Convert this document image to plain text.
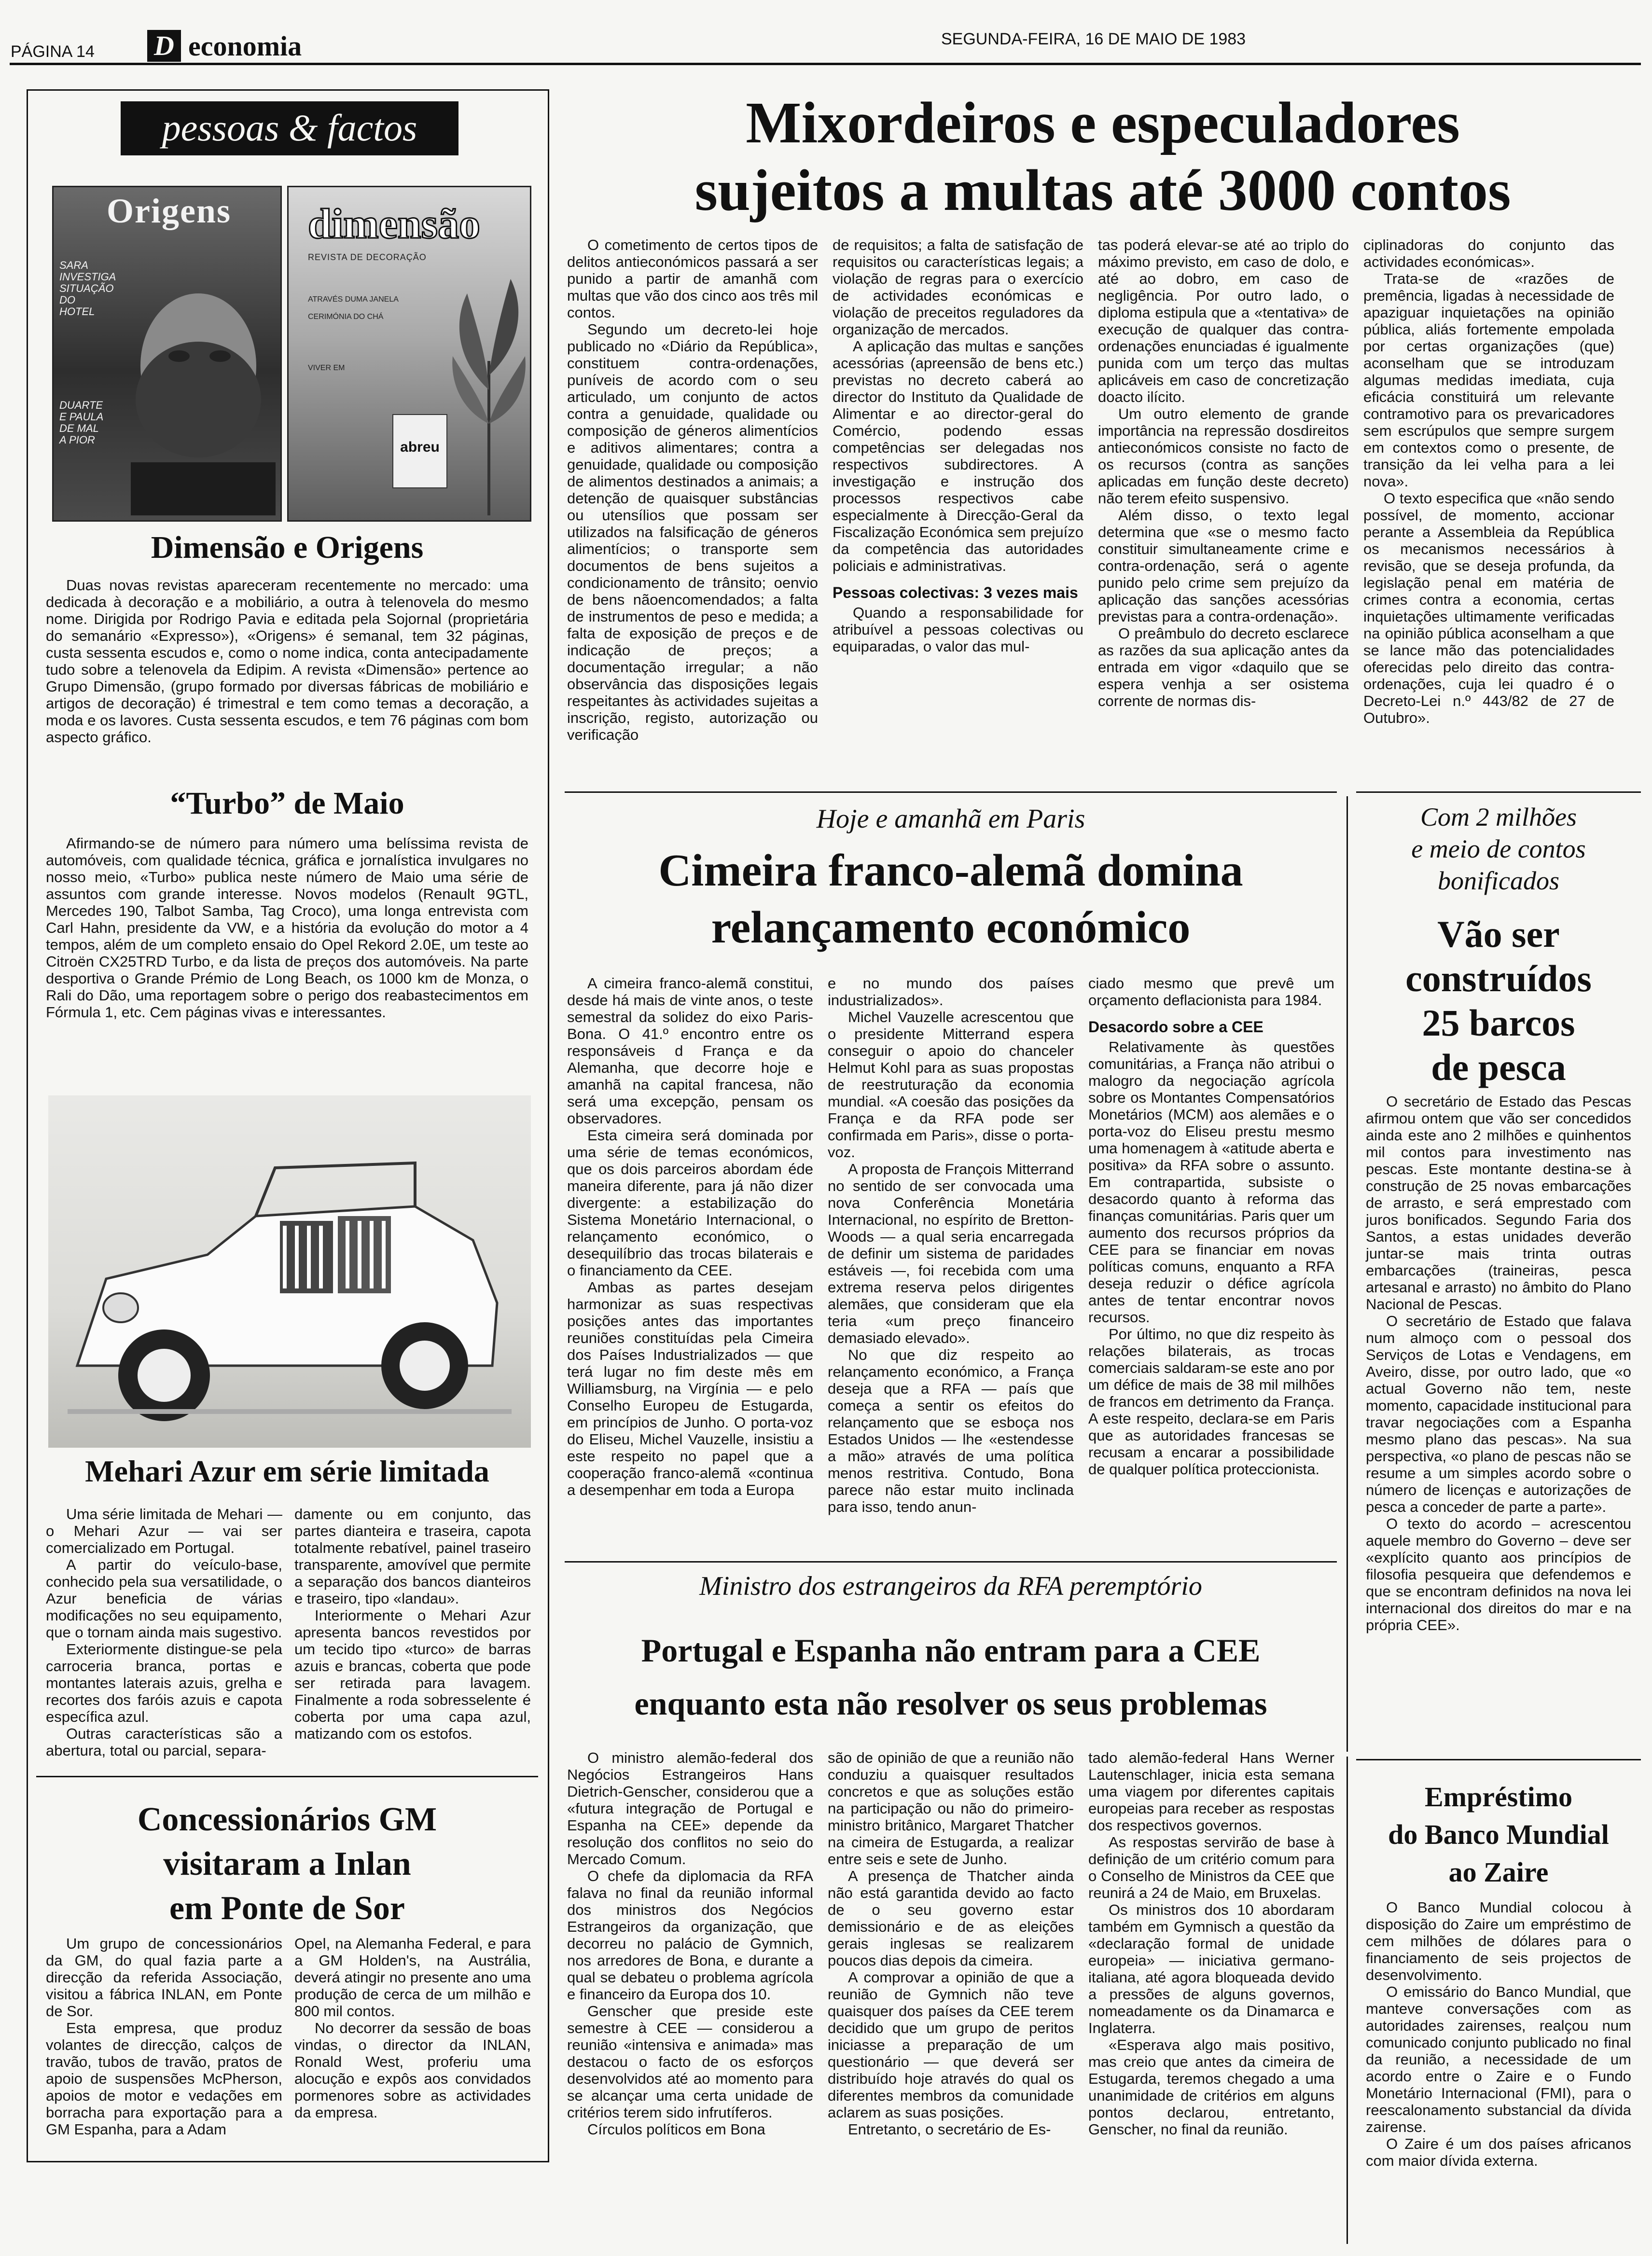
PÁGINA 14 D economia	SEGUNDA-FEIRA, 16 DE MAIO DE 1983
pessoas & factos
Origens
SARA
INVESTIGA
SITUAÇÃO
DO
HOTEL
DUARTE
E PAULA
DE MAL
A PIOR
dimensão
REVISTA DE DECORAÇÃO
ATRAVÉS DUMA JANELA
CERIMÓNIA DO CHÁ
VIVER EM
abreu
Dimensão e Origens

Duas novas revistas apareceram recentemente no mercado: uma dedicada à decoração e a mobiliário, a outra à telenovela do mesmo nome. Dirigida por Rodrigo Pavia e editada pela Sojornal (proprietária do semanário «Expresso»), «Origens» é semanal, tem 32 páginas, custa sessenta escudos e, como o nome indica, conta antecipadamente tudo sobre a telenovela da Edipim. A revista «Dimensão» pertence ao Grupo Dimensão, (grupo formado por diversas fábricas de mobiliário e artigos de decoração) é trimestral e tem como temas a decoração, a moda e os lavores. Custa sessenta escudos, e tem 76 páginas com bom aspecto gráfico.

“Turbo” de Maio

Afirmando-se de número para número uma belíssima revista de automóveis, com qualidade técnica, gráfica e jornalística invulgares no nosso meio, «Turbo» publica neste número de Maio uma série de assuntos com grande interesse. Novos modelos (Renault 9GTL, Mercedes 190, Talbot Samba, Tag Croco), uma longa entrevista com Carl Hahn, presidente da VW, e a história da evolução do motor a 4 tempos, além de um completo ensaio do Opel Rekord 2.0E, um teste ao Citroën CX25TRD Turbo, e da lista de preços dos automóveis. Na parte desportiva o Grande Prémio de Long Beach, os 1000 km de Monza, o Rali do Dão, uma reportagem sobre o perigo dos reabastecimentos em Fórmula 1, etc. Cem páginas vivas e interessantes.

Mehari Azur em série limitada

Uma série limitada de Mehari — o Mehari Azur — vai ser comercializado em Portugal.

A partir do veículo-base, conhecido pela sua versatilidade, o Azur beneficia de várias modificações no seu equipamento, que o tornam ainda mais sugestivo.

Exteriormente distingue-se pela carroceria branca, portas e montantes laterais azuis, grelha e recortes dos faróis azuis e capota específica azul.

Outras características são a abertura, total ou parcial, separa-

damente ou em conjunto, das partes dianteira e traseira, capota totalmente rebatível, painel traseiro transparente, amovível que permite a separação dos bancos dianteiros e traseiro, tipo «landau».

Interiormente o Mehari Azur apresenta bancos revestidos por um tecido tipo «turco» de barras azuis e brancas, coberta que pode ser retirada para lavagem. Finalmente a roda sobresselente é coberta por uma capa azul, matizando com os estofos.

Concessionários GM
visitaram a Inlan
em Ponte de Sor

Um grupo de concessionários da GM, do qual fazia parte a direcção da referida Associação, visitou a fábrica INLAN, em Ponte de Sor.

Esta empresa, que produz volantes de direcção, calços de travão, tubos de travão, pratos de apoio de suspensões McPherson, apoios de motor e vedações em borracha para exportação para a GM Espanha, para a Adam

Opel, na Alemanha Federal, e para a GM Holden's, na Austrália, deverá atingir no presente ano uma produção de cerca de um milhão e 800 mil contos.

No decorrer da sessão de boas vindas, o director da INLAN, Ronald West, proferiu uma alocução e expôs aos convidados pormenores sobre as actividades da empresa.

Mixordeiros e especuladores
sujeitos a multas até 3000 contos

O cometimento de certos tipos de delitos antieconómicos passará a ser punido a partir de amanhã com multas que vão dos cinco aos três mil contos.

Segundo um decreto-lei hoje publicado no «Diário da República», constituem contra-ordenações, puníveis de acordo com o seu articulado, um conjunto de actos contra a genuidade, qualidade ou composição de géneros alimentícios e aditivos alimentares; contra a genuidade, qualidade ou composição de alimentos destinados a animais; a detenção de quaisquer substâncias ou utensílios que possam ser utilizados na falsificação de géneros alimentícios; o transporte sem documentos de bens sujeitos a condicionamento de trânsito; oenvio de bens nãoencomendados; a falta de instrumentos de peso e medida; a falta de exposição de preços e de indicação de preços; a documentação irregular; a não observância das disposições legais respeitantes às actividades sujeitas a inscrição, registo, autorização ou verificação

de requisitos; a falta de satisfação de requisitos ou características legais; a violação de regras para o exercício de actividades económicas e violação de preceitos reguladores da organização de mercados.

A aplicação das multas e sanções acessórias (apreensão de bens etc.) previstas no decreto caberá ao director do Instituto da Qualidade de Alimentar e ao director-geral do Comércio, podendo essas competências ser delegadas nos respectivos subdirectores. A investigação e instrução dos processos respectivos cabe especialmente à Direcção-Geral da Fiscalização Económica sem prejuízo da competência das autoridades policiais e administrativas.

Pessoas colectivas: 3 vezes mais

Quando a responsabilidade for atribuível a pessoas colectivas ou equiparadas, o valor das mul-

tas poderá elevar-se até ao triplo do máximo previsto, em caso de dolo, e até ao dobro, em caso de negligência. Por outro lado, o diploma estipula que a «tentativa» de execução de qualquer das contra-ordenações enunciadas é igualmente punida com um terço das multas aplicáveis em caso de concretização doacto ilícito.

Um outro elemento de grande importância na repressão dosdireitos antieconómicos consiste no facto de os recursos (contra as sanções aplicadas em função deste decreto) não terem efeito suspensivo.

Além disso, o texto legal determina que «se o mesmo facto constituir simultaneamente crime e contra-ordenação, será o agente punido pelo crime sem prejuízo da aplicação das sanções acessórias previstas para a contra-ordenação».

O preâmbulo do decreto esclarece as razões da sua aplicação antes da entrada em vigor «daquilo que se espera venhja a ser osistema corrente de normas dis-

ciplinadoras do conjunto das actividades económicas».

Trata-se de «razões de premência, ligadas à necessidade de apaziguar inquietações na opinião pública, aliás fortemente empolada por certas organizações (que) aconselham que se introduzam algumas medidas imediata, cuja eficácia constituirá um relevante contramotivo para os prevaricadores sem escrúpulos que sempre surgem em contextos como o presente, de transição da lei velha para a lei nova».

O texto especifica que «não sendo possível, de momento, accionar perante a Assembleia da República os mecanismos necessários à revisão, que se deseja profunda, da legislação penal em matéria de crimes contra a economia, certas inquietações ultimamente verificadas na opinião pública aconselham a que se lance mão das potencialidades oferecidas pelo direito das contra-ordenações, cuja lei quadro é o Decreto-Lei n.º 443/82 de 27 de Outubro».

Hoje e amanhã em Paris
Cimeira franco-alemã domina
relançamento económico

A cimeira franco-alemã constitui, desde há mais de vinte anos, o teste semestral da solidez do eixo Paris-Bona. O 41.º encontro entre os responsáveis d França e da Alemanha, que decorre hoje e amanhã na capital francesa, não será uma excepção, pensam os observadores.

Esta cimeira será dominada por uma série de temas económicos, que os dois parceiros abordam éde maneira diferente, para já não dizer divergente: a estabilização do Sistema Monetário Internacional, o relançamento económico, o desequilíbrio das trocas bilaterais e o financiamento da CEE.

Ambas as partes desejam harmonizar as suas respectivas posições antes das importantes reuniões constituídas pela Cimeira dos Países Industrializados — que terá lugar no fim deste mês em Williamsburg, na Virgínia — e pelo Conselho Europeu de Estugarda, em princípios de Junho. O porta-voz do Eliseu, Michel Vauzelle, insistiu a este respeito no papel que a cooperação franco-alemã «continua a desempenhar em toda a Europa

e no mundo dos países industrializados».

Michel Vauzelle acrescentou que o presidente Mitterrand espera conseguir o apoio do chanceler Helmut Kohl para as suas propostas de reestruturação da economia mundial. «A coesão das posições da França e da RFA pode ser confirmada em Paris», disse o porta-voz.

A proposta de François Mitterrand no sentido de ser convocada uma nova Conferência Monetária Internacional, no espírito de Bretton-Woods — a qual seria encarregada de definir um sistema de paridades estáveis —, foi recebida com uma extrema reserva pelos dirigentes alemães, que consideram que ela teria «um preço financeiro demasiado elevado».

No que diz respeito ao relançamento económico, a França deseja que a RFA — país que começa a sentir os efeitos do relançamento que se esboça nos Estados Unidos — lhe «estendesse a mão» através de uma política menos restritiva. Contudo, Bona parece não estar muito inclinada para isso, tendo anun-

ciado mesmo que prevê um orçamento deflacionista para 1984.

Desacordo sobre a CEE

Relativamente às questões comunitárias, a França não atribui o malogro da negociação agrícola sobre os Montantes Compensatórios Monetários (MCM) aos alemães e o porta-voz do Eliseu prestu mesmo uma homenagem à «atitude aberta e positiva» da RFA sobre o assunto. Em contrapartida, subsiste o desacordo quanto à reforma das finanças comunitárias. Paris quer um aumento dos recursos próprios da CEE para se financiar em novas políticas comuns, enquanto a RFA deseja reduzir o défice agrícola antes de tentar encontrar novos recursos.

Por último, no que diz respeito às relações bilaterais, as trocas comerciais saldaram-se este ano por um défice de mais de 38 mil milhões de francos em detrimento da França. A este respeito, declara-se em Paris que as autoridades francesas se recusam a encarar a possibilidade de qualquer política proteccionista.

Com 2 milhões
e meio de contos
bonificados
Vão ser
construídos
25 barcos
de pesca

O secretário de Estado das Pescas afirmou ontem que vão ser concedidos ainda este ano 2 milhões e quinhentos mil contos para investimento nas pescas. Este montante destina-se à construção de 25 novas embarcações de arrasto, e será emprestado com juros bonificados. Segundo Faria dos Santos, a estas unidades deverão juntar-se mais trinta outras embarcações (traineiras, pesca artesanal e arrasto) no âmbito do Plano Nacional de Pescas.

O secretário de Estado que falava num almoço com o pessoal dos Serviços de Lotas e Vendagens, em Aveiro, disse, por outro lado, que «o actual Governo não tem, neste momento, capacidade institucional para travar negociações com a Espanha mesmo plano das pescas». Na sua perspectiva, «o plano de pescas não se resume a um simples acordo sobre o número de licenças e autorizações de pesca a conceder de parte a parte».

O texto do acordo – acrescentou aquele membro do Governo – deve ser «explícito quanto aos princípios de filosofia pesqueira que defendemos e que se encontram definidos na nova lei internacional dos direitos do mar e na própria CEE».

Ministro dos estrangeiros da RFA peremptório
Portugal e Espanha não entram para a CEE
enquanto esta não resolver os seus problemas

O ministro alemão-federal dos Negócios Estrangeiros Hans Dietrich-Genscher, considerou que a «futura integração de Portugal e Espanha na CEE» depende da resolução dos conflitos no seio do Mercado Comum.

O chefe da diplomacia da RFA falava no final da reunião informal dos ministros dos Negócios Estrangeiros da organização, que decorreu no palácio de Gymnich, nos arredores de Bona, e durante a qual se debateu o problema agrícola e financeiro da Europa dos 10.

Genscher que preside este semestre à CEE — considerou a reunião «intensiva e animada» mas destacou o facto de os esforços desenvolvidos até ao momento para se alcançar uma certa unidade de critérios terem sido infrutíferos.

Círculos políticos em Bona

são de opinião de que a reunião não conduziu a quaisquer resultados concretos e que as soluções estão na participação ou não do primeiro-ministro britânico, Margaret Thatcher na cimeira de Estugarda, a realizar entre seis e sete de Junho.

A presença de Thatcher ainda não está garantida devido ao facto de o seu governo estar demissionário e de as eleições gerais inglesas se realizarem poucos dias depois da cimeira.

A comprovar a opinião de que a reunião de Gymnich não teve quaisquer dos países da CEE terem decidido que um grupo de peritos iniciasse a preparação de um questionário — que deverá ser distribuído hoje através do qual os diferentes membros da comunidade aclarem as suas posições.

Entretanto, o secretário de Es-

tado alemão-federal Hans Werner Lautenschlager, inicia esta semana uma viagem por diferentes capitais europeias para receber as respostas dos respectivos governos.

As respostas servirão de base à definição de um critério comum para o Conselho de Ministros da CEE que reunirá a 24 de Maio, em Bruxelas.

Os ministros dos 10 abordaram também em Gymnisch a questão da «declaração formal de unidade europeia» — iniciativa germano-italiana, até agora bloqueada devido a pressões de alguns governos, nomeadamente os da Dinamarca e Inglaterra.

«Esperava algo mais positivo, mas creio que antes da cimeira de Estugarda, teremos chegado a uma unanimidade de critérios em alguns pontos declarou, entretanto, Genscher, no final da reunião.

Empréstimo
do Banco Mundial
ao Zaire

O Banco Mundial colocou à disposição do Zaire um empréstimo de cem milhões de dólares para o financiamento de seis projectos de desenvolvimento.

O emissário do Banco Mundial, que manteve conversações com as autoridades zairenses, realçou num comunicado conjunto publicado no final da reunião, a necessidade de um acordo entre o Zaire e o Fundo Monetário Internacional (FMI), para o reescalonamento substancial da dívida zairense.

O Zaire é um dos países africanos com maior dívida externa.
